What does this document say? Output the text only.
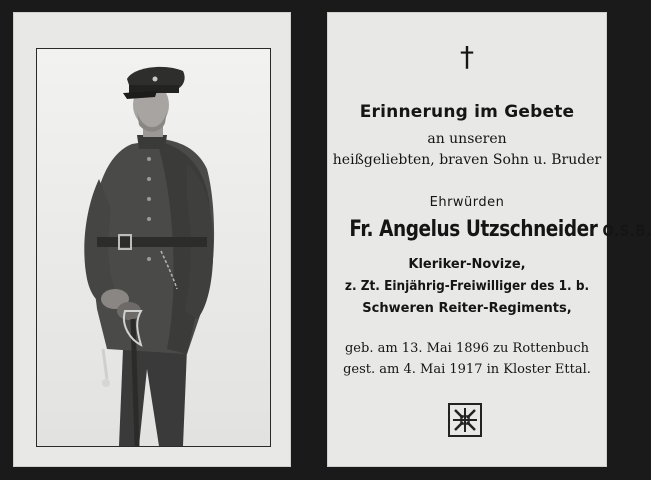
†
Erinnerung im Gebete
an unseren
heißgeliebten, braven Sohn u. Bruder
Ehrwürden
Fr. Angelus Utzschneider O.S.B.
Kleriker-Novize,
z. Zt. Einjährig-Freiwilliger des 1. b.
Schweren Reiter-Regiments,
geb. am 13. Mai 1896 zu Rottenbuch
gest. am 4. Mai 1917 in Kloster Ettal.
